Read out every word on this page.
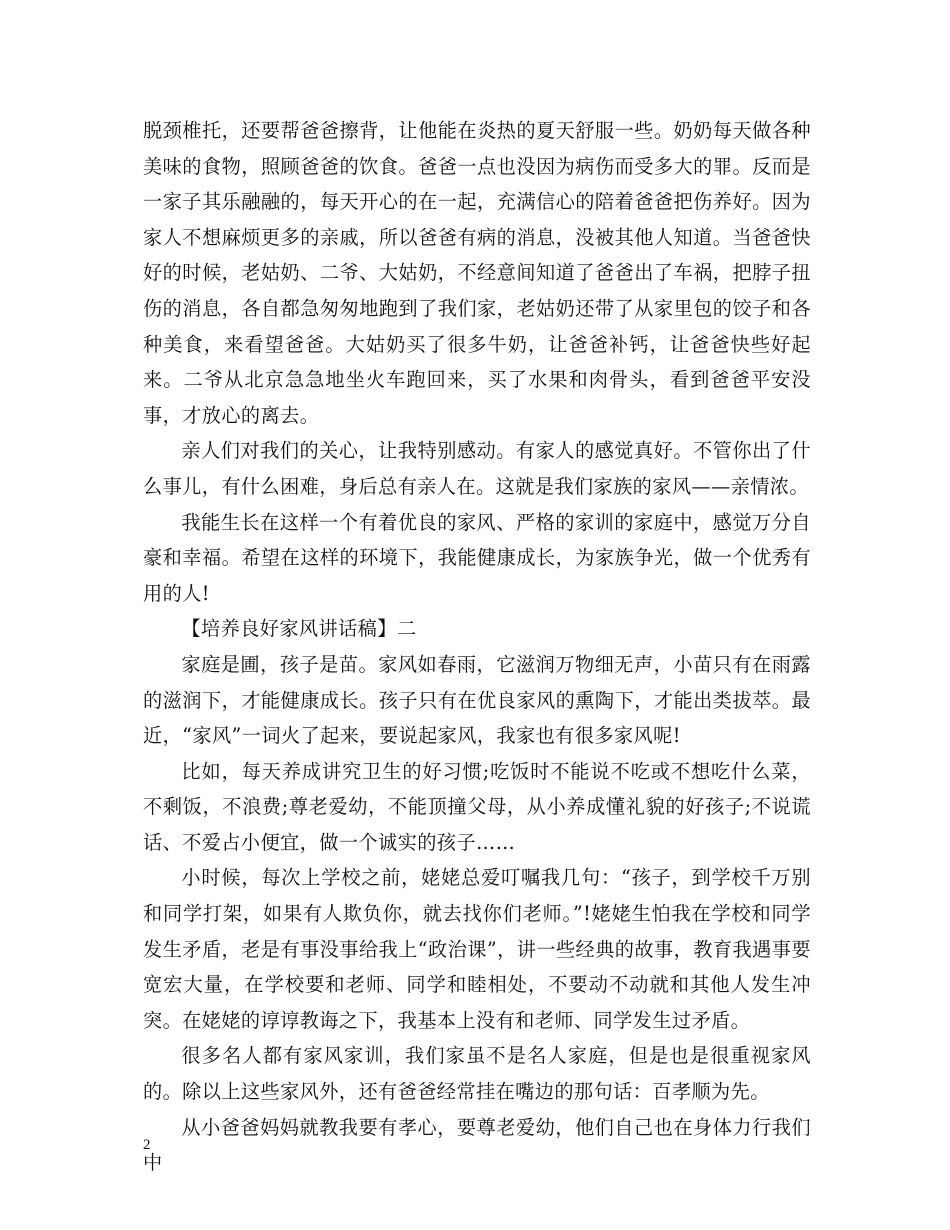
脱颈椎托，还要帮爸爸擦背，让他能在炎热的夏天舒服一些。奶奶每天做各种美味的食物，照顾爸爸的饮食。爸爸一点也没因为病伤而受多大的罪。反而是一家子其乐融融的，每天开心的在一起，充满信心的陪着爸爸把伤养好。因为家人不想麻烦更多的亲戚，所以爸爸有病的消息，没被其他人知道。当爸爸快好的时候，老姑奶、二爷、大姑奶，不经意间知道了爸爸出了车祸，把脖子扭伤的消息，各自都急匆匆地跑到了我们家，老姑奶还带了从家里包的饺子和各种美食，来看望爸爸。大姑奶买了很多牛奶，让爸爸补钙，让爸爸快些好起来。二爷从北京急急地坐火车跑回来，买了水果和肉骨头，看到爸爸平安没事，才放心的离去。

亲人们对我们的关心，让我特别感动。有家人的感觉真好。不管你出了什么事儿，有什么困难，身后总有亲人在。这就是我们家族的家风——亲情浓。

我能生长在这样一个有着优良的家风、严格的家训的家庭中，感觉万分自豪和幸福。希望在这样的环境下，我能健康成长，为家族争光，做一个优秀有用的人!

【培养良好家风讲话稿】二

家庭是圃，孩子是苗。家风如春雨，它滋润万物细无声，小苗只有在雨露的滋润下，才能健康成长。孩子只有在优良家风的熏陶下，才能出类拔萃。最近，“家风”一词火了起来，要说起家风，我家也有很多家风呢!

比如，每天养成讲究卫生的好习惯;吃饭时不能说不吃或不想吃什么菜，不剩饭，不浪费;尊老爱幼，不能顶撞父母，从小养成懂礼貌的好孩子;不说谎话、不爱占小便宜，做一个诚实的孩子……

小时候，每次上学校之前，姥姥总爱叮嘱我几句：“孩子，到学校千万别和同学打架，如果有人欺负你，就去找你们老师。”!姥姥生怕我在学校和同学发生矛盾，老是有事没事给我上“政治课”，讲一些经典的故事，教育我遇事要宽宏大量，在学校要和老师、同学和睦相处，不要动不动就和其他人发生冲突。在姥姥的谆谆教诲之下，我基本上没有和老师、同学发生过矛盾。

很多名人都有家风家训，我们家虽不是名人家庭，但是也是很重视家风的。除以上这些家风外，还有爸爸经常挂在嘴边的那句话：百孝顺为先。

从小爸爸妈妈就教我要有孝心，要尊老爱幼，他们自己也在身体力行我们中

2
